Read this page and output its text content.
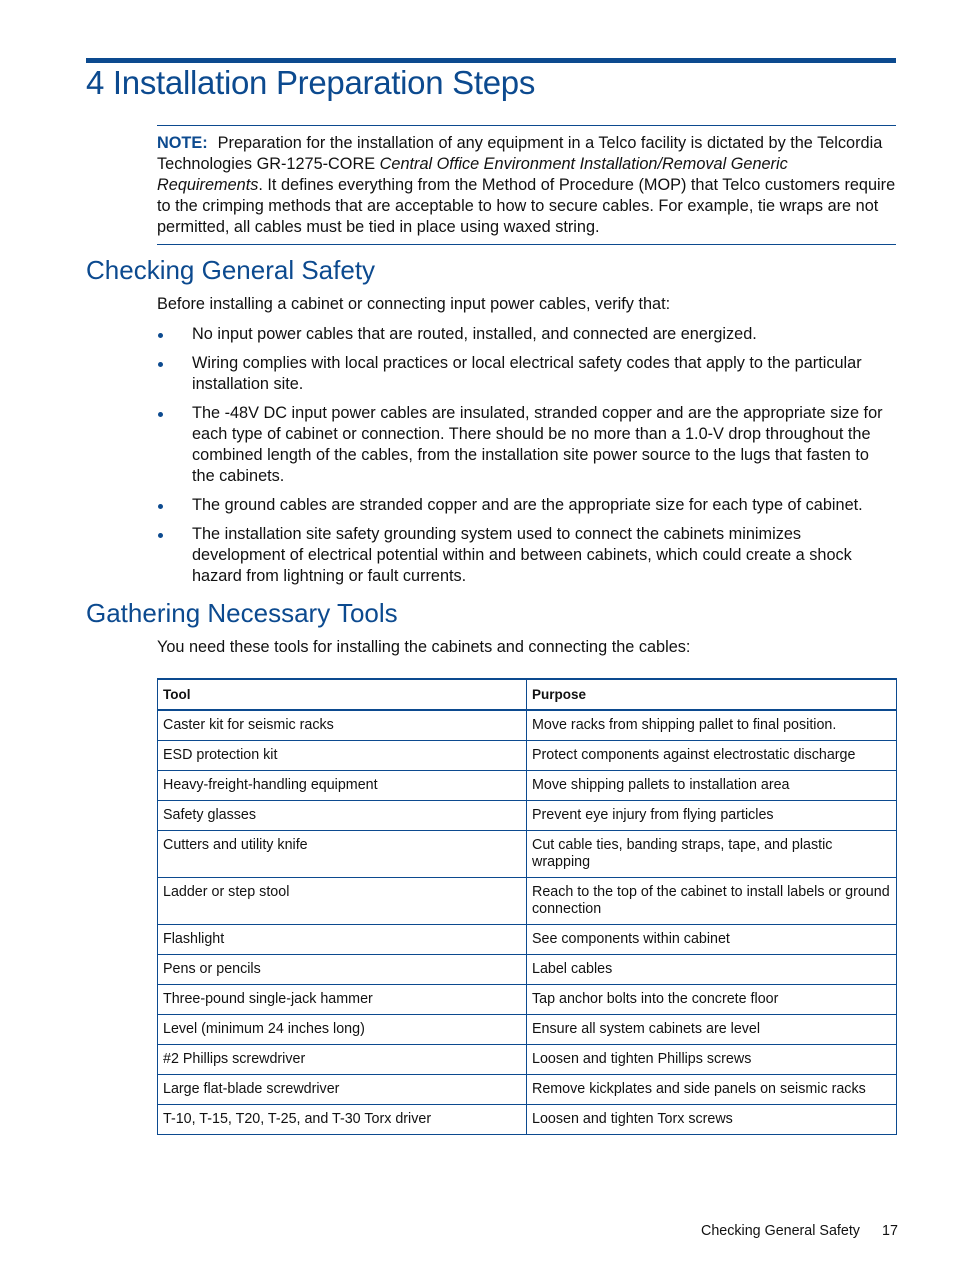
4 Installation Preparation Steps
NOTE: Preparation for the installation of any equipment in a Telco facility is dictated by the Telcordia Technologies GR-1275-CORE Central Office Environment Installation/Removal Generic Requirements. It defines everything from the Method of Procedure (MOP) that Telco customers require to the crimping methods that are acceptable to how to secure cables. For example, tie wraps are not permitted, all cables must be tied in place using waxed string.
Checking General Safety

Before installing a cabinet or connecting input power cables, verify that:

No input power cables that are routed, installed, and connected are energized.
Wiring complies with local practices or local electrical safety codes that apply to the particular installation site.
The -48V DC input power cables are insulated, stranded copper and are the appropriate size for each type of cabinet or connection. There should be no more than a 1.0-V drop throughout the combined length of the cables, from the installation site power source to the lugs that fasten to the cabinets.
The ground cables are stranded copper and are the appropriate size for each type of cabinet.
The installation site safety grounding system used to connect the cabinets minimizes development of electrical potential within and between cabinets, which could create a shock hazard from lightning or fault currents.
Gathering Necessary Tools

You need these tools for installing the cabinets and connecting the cables:

Tool	Purpose
Caster kit for seismic racks	Move racks from shipping pallet to final position.
ESD protection kit	Protect components against electrostatic discharge
Heavy-freight-handling equipment	Move shipping pallets to installation area
Safety glasses	Prevent eye injury from flying particles
Cutters and utility knife	Cut cable ties, banding straps, tape, and plastic wrapping
Ladder or step stool	Reach to the top of the cabinet to install labels or ground connection
Flashlight	See components within cabinet
Pens or pencils	Label cables
Three-pound single-jack hammer	Tap anchor bolts into the concrete floor
Level (minimum 24 inches long)	Ensure all system cabinets are level
#2 Phillips screwdriver	Loosen and tighten Phillips screws
Large flat-blade screwdriver	Remove kickplates and side panels on seismic racks
T-10, T-15, T20, T-25, and T-30 Torx driver	Loosen and tighten Torx screws
Checking General Safety 17
